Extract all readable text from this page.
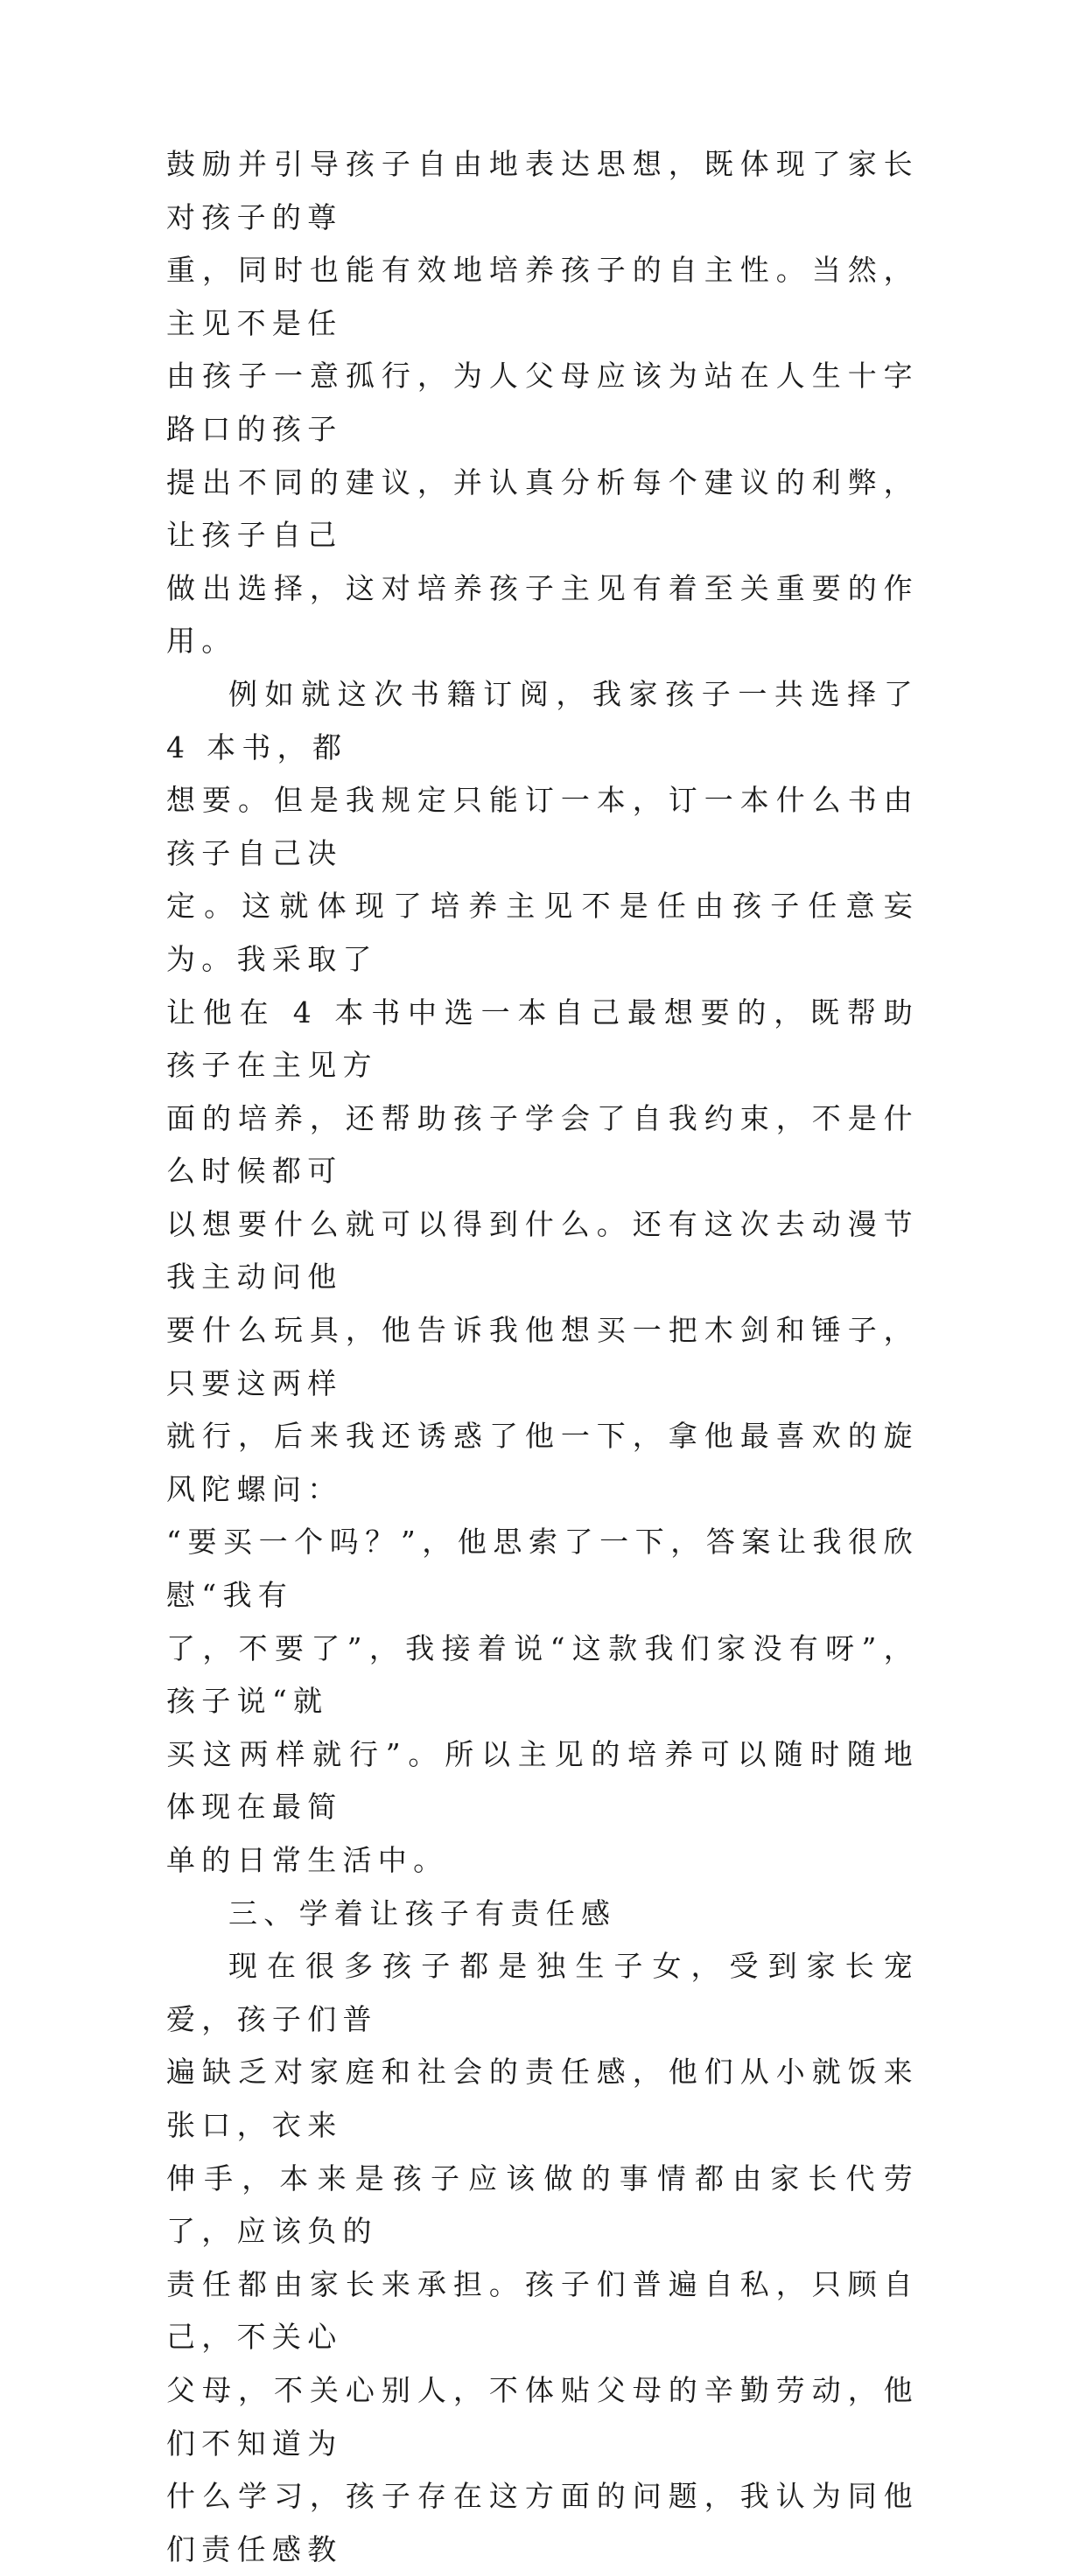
鼓励并引导孩子自由地表达思想，既体现了家长对孩子的尊
重，同时也能有效地培养孩子的自主性。当然，主见不是任
由孩子一意孤行，为人父母应该为站在人生十字路口的孩子
提出不同的建议，并认真分析每个建议的利弊，让孩子自己
做出选择，这对培养孩子主见有着至关重要的作用。

例如就这次书籍订阅，我家孩子一共选择了 4 本书，都
想要。但是我规定只能订一本，订一本什么书由孩子自己决
定。这就体现了培养主见不是任由孩子任意妄为。我采取了
让他在 4 本书中选一本自己最想要的，既帮助孩子在主见方
面的培养，还帮助孩子学会了自我约束，不是什么时候都可
以想要什么就可以得到什么。还有这次去动漫节我主动问他
要什么玩具，他告诉我他想买一把木剑和锤子，只要这两样
就行，后来我还诱惑了他一下，拿他最喜欢的旋风陀螺问：
“要买一个吗？”，他思索了一下，答案让我很欣慰“我有
了，不要了”，我接着说“这款我们家没有呀”，孩子说“就
买这两样就行”。所以主见的培养可以随时随地体现在最简
单的日常生活中。

三、学着让孩子有责任感

现在很多孩子都是独生子女，受到家长宠爱，孩子们普
遍缺乏对家庭和社会的责任感，他们从小就饭来张口，衣来
伸手，本来是孩子应该做的事情都由家长代劳了，应该负的
责任都由家长来承担。孩子们普遍自私，只顾自己，不关心
父母，不关心别人，不体贴父母的辛勤劳动，他们不知道为
什么学习，孩子存在这方面的问题，我认为同他们责任感教
